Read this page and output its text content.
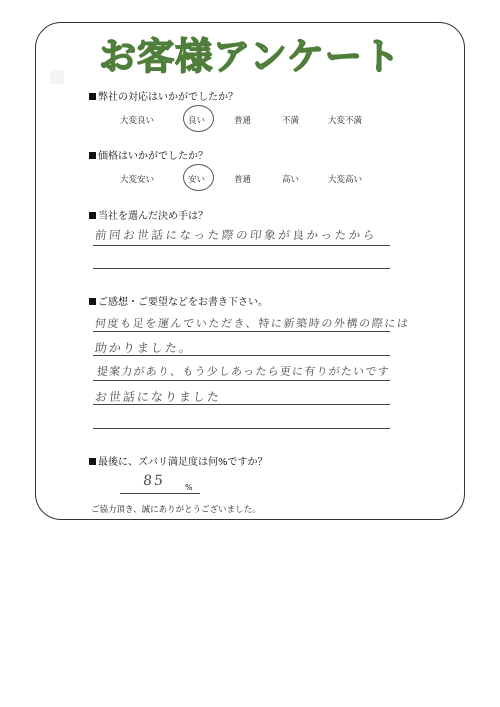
お客様アンケート
弊社の対応はいかがでしたか？
大変良い	良い	普通	不満	大変不満
価格はいかがでしたか？
大変安い	安い	普通	高い	大変高い
当社を選んだ決め手は？
前回お世話になった際の印象が良かったから
ご感想・ご要望などをお書き下さい。
何度も足を運んでいただき、特に新築時の外構の際には
助かりました。
提案力があり、もう少しあったら更に有りがたいです
お世話になりました
最後に、ズバリ満足度は何%ですか？
85 %
ご協力頂き、誠にありがとうございました。
